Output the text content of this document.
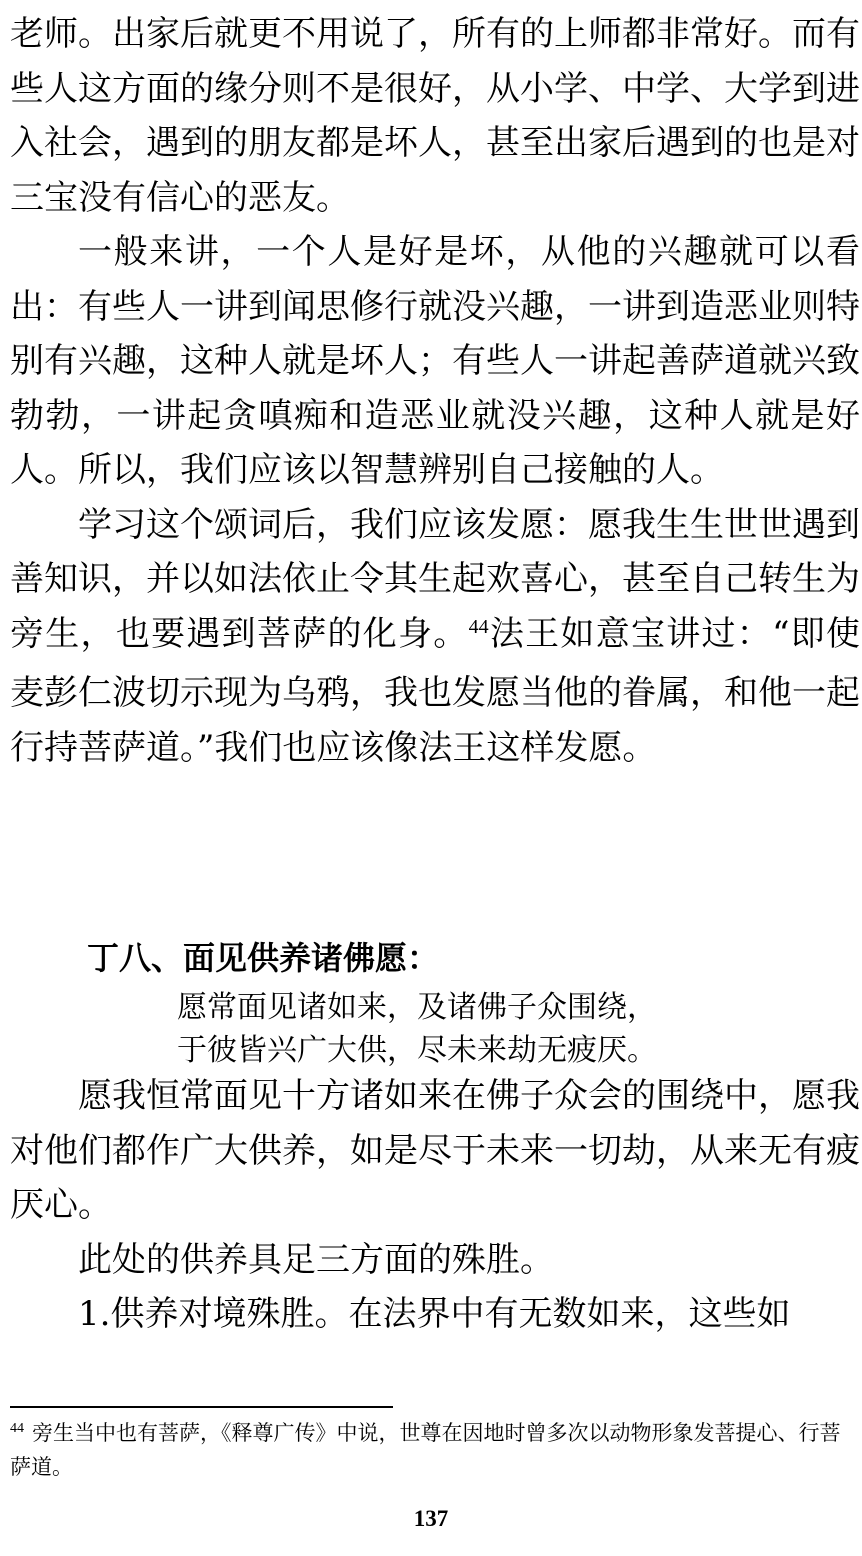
老师。出家后就更不用说了，所有的上师都非常好。而有些人这方面的缘分则不是很好，从小学、中学、大学到进入社会，遇到的朋友都是坏人，甚至出家后遇到的也是对三宝没有信心的恶友。

一般来讲，一个人是好是坏，从他的兴趣就可以看出：有些人一讲到闻思修行就没兴趣，一讲到造恶业则特别有兴趣，这种人就是坏人；有些人一讲起善萨道就兴致勃勃，一讲起贪嗔痴和造恶业就没兴趣，这种人就是好人。所以，我们应该以智慧辨别自己接触的人。

学习这个颂词后，我们应该发愿：愿我生生世世遇到善知识，并以如法依止令其生起欢喜心，甚至自己转生为旁生，也要遇到菩萨的化身。$^{44}$法王如意宝讲过：“即使麦彭仁波切示现为乌鸦，我也发愿当他的眷属，和他一起行持菩萨道。”我们也应该像法王这样发愿。

丁八、面见供养诸佛愿：
愿常面见诸如来，及诸佛子众围绕，
于彼皆兴广大供，尽未来劫无疲厌。

愿我恒常面见十方诸如来在佛子众会的围绕中，愿我对他们都作广大供养，如是尽于未来一切劫，从来无有疲厌心。

此处的供养具足三方面的殊胜。

1.供养对境殊胜。在法界中有无数如来，这些如

$^{44}$ 旁生当中也有菩萨，《释尊广传》中说，世尊在因地时曾多次以动物形象发菩提心、行菩萨道。

137
